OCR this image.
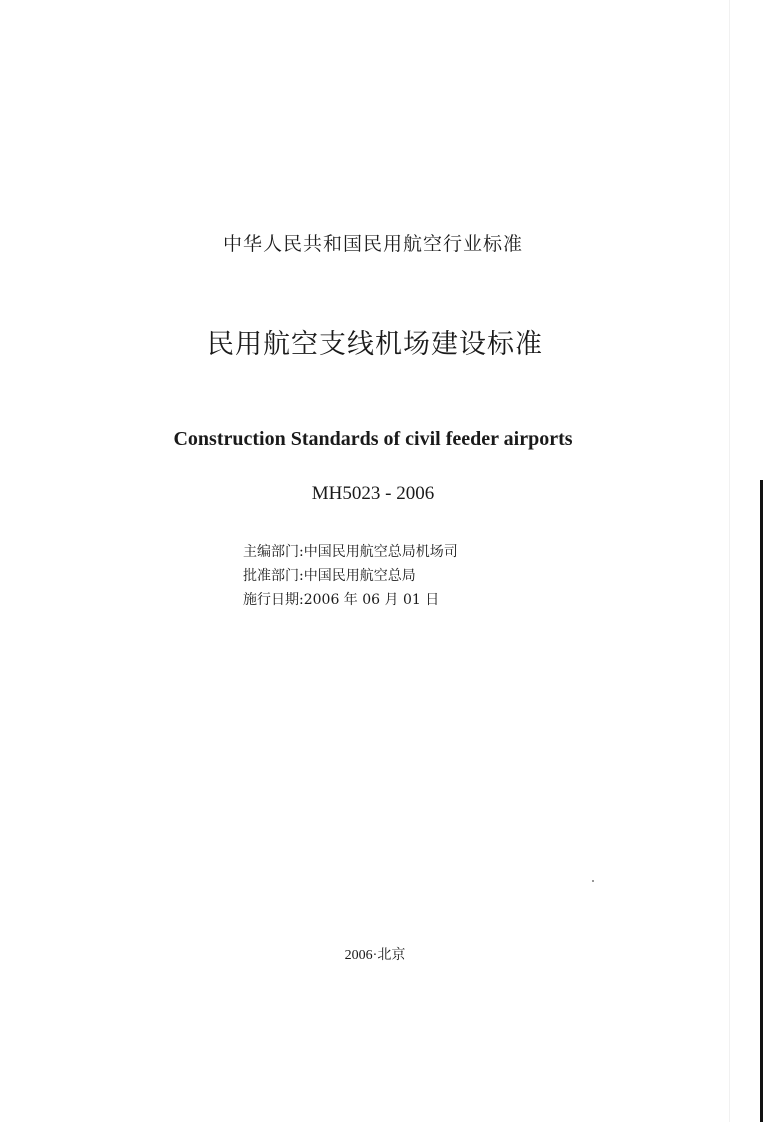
中华人民共和国民用航空行业标准
民用航空支线机场建设标准
Construction Standards of civil feeder airports
MH5023 - 2006
主编部门:中国民用航空总局机场司
批准部门:中国民用航空总局
施行日期:2006 年 06 月 01 日
2006·北京
